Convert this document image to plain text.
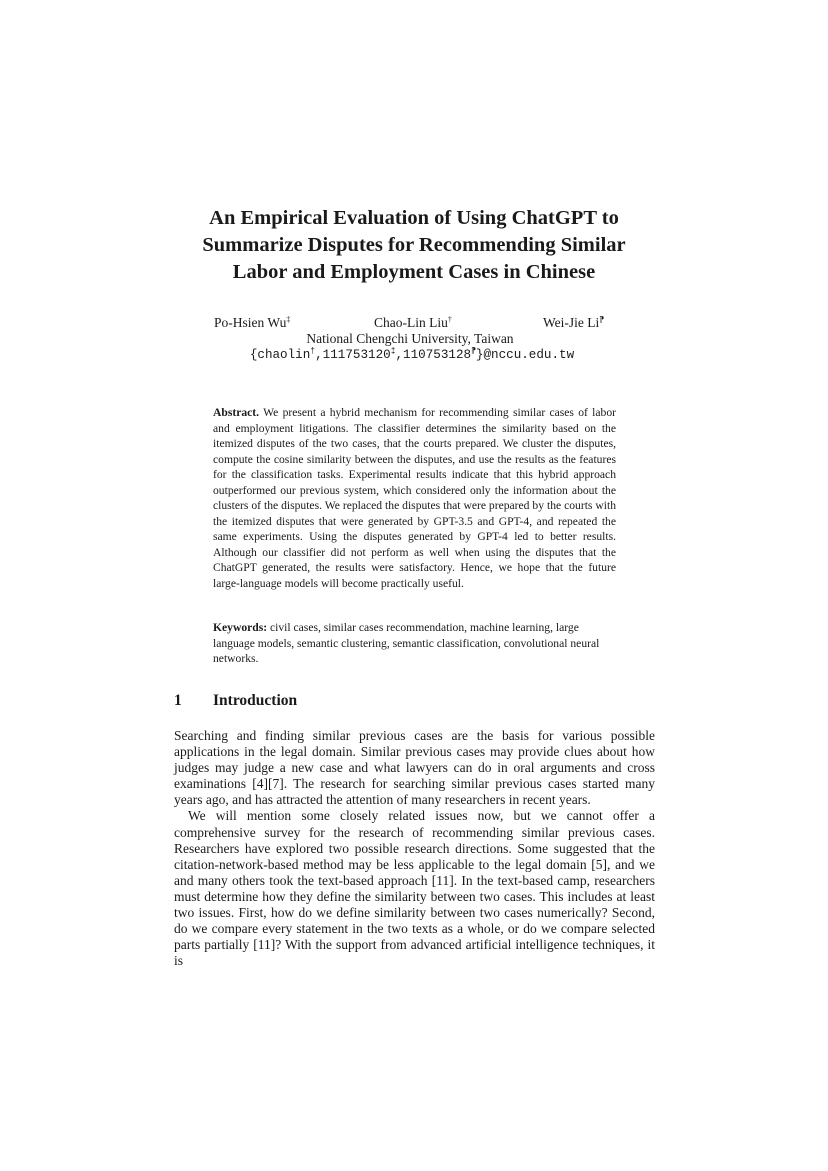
An Empirical Evaluation of Using ChatGPT to
Summarize Disputes for Recommending Similar
Labor and Employment Cases in Chinese
Po-Hsien Wu‡	Chao-Lin Liu†	Wei-Jie Li⁋
National Chengchi University, Taiwan
{chaolin†,111753120‡,110753128⁋}@nccu.edu.tw
Abstract. We present a hybrid mechanism for recommending similar cases of labor and employment litigations. The classifier determines the similarity based on the itemized disputes of the two cases, that the courts prepared. We cluster the disputes, compute the cosine similarity between the disputes, and use the results as the features for the classification tasks. Experimental results indicate that this hybrid approach outperformed our previous system, which considered only the information about the clusters of the disputes. We replaced the disputes that were prepared by the courts with the itemized disputes that were generated by GPT-3.5 and GPT-4, and repeated the same experiments. Using the disputes generated by GPT-4 led to better results. Although our classifier did not perform as well when using the disputes that the ChatGPT generated, the results were satisfactory. Hence, we hope that the future large-language models will become practically useful.
Keywords: civil cases, similar cases recommendation, machine learning, large language models, semantic clustering, semantic classification, convolutional neural networks.
1 Introduction

Searching and finding similar previous cases are the basis for various possible applications in the legal domain. Similar previous cases may provide clues about how judges may judge a new case and what lawyers can do in oral arguments and cross examinations [4][7]. The research for searching similar previous cases started many years ago, and has attracted the attention of many researchers in recent years.

We will mention some closely related issues now, but we cannot offer a comprehensive survey for the research of recommending similar previous cases. Researchers have explored two possible research directions. Some suggested that the citation-network-based method may be less applicable to the legal domain [5], and we and many others took the text-based approach [11]. In the text-based camp, researchers must determine how they define the similarity between two cases. This includes at least two issues. First, how do we define similarity between two cases numerically? Second, do we compare every statement in the two texts as a whole, or do we compare selected parts partially [11]? With the support from advanced artificial intelligence techniques, it is
